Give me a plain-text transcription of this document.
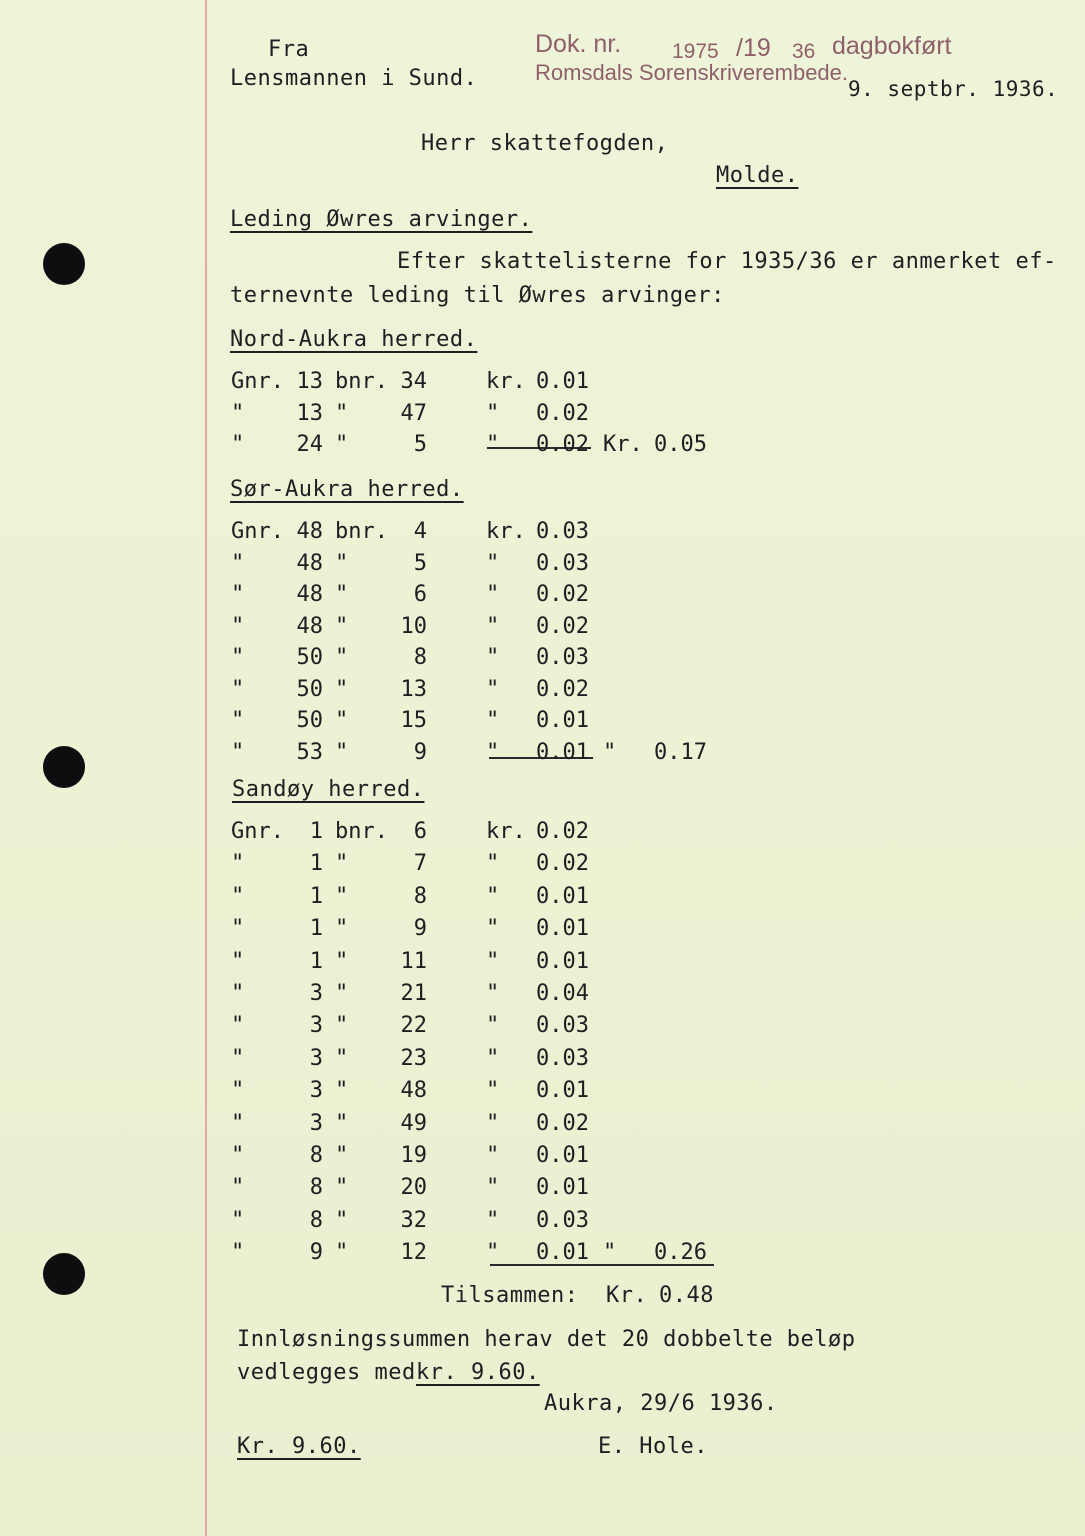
Fra
Lensmannen i Sund.
Dok. nr. 1975 /19 36 dagbokført
Romsdals Sorenskriverembede.
9. septbr. 1936.
Herr skattefogden,
Molde.
Leding Øwres arvinger.
Efter skattelisterne for 1935/36 er anmerket ef-
ternevnte leding til Øwres arvinger:
Nord-Aukra herred.
Sør-Aukra herred.
Sandøy herred.
Tilsammen: Kr. 0.48
Innløsningssummen herav det 20 dobbelte beløp
vedlegges med kr. 9.60.
Aukra, 29/6 1936.
Kr. 9.60.	E. Hole.
Gnr. 13 bnr. 34	kr. 0.01
"	13 "	47	"	0.02
"	24 "	5	"	0.02 Kr. 0.05
Gnr. 48 bnr.	4	kr. 0.03
"	48 "	5	"	0.03
"	48 "	6	"	0.02
"	48 "	10	"	0.02
"	50 "	8	"	0.03
"	50 "	13	"	0.02
"	50 "	15	"	0.01
"	53 "	9	"	0.01 "	0.17
Gnr.	1 bnr.	6	kr. 0.02
"	1 "	7	"	0.02
"	1 "	8	"	0.01
"	1 "	9	"	0.01
"	1 "	11	"	0.01
"	3 "	21	"	0.04
"	3 "	22	"	0.03
"	3 "	23	"	0.03
"	3 "	48	"	0.01
"	3 "	49	"	0.02
"	8 "	19	"	0.01
"	8 "	20	"	0.01
"	8 "	32	"	0.03
"	9 "	12	"	0.01 "	0.26
